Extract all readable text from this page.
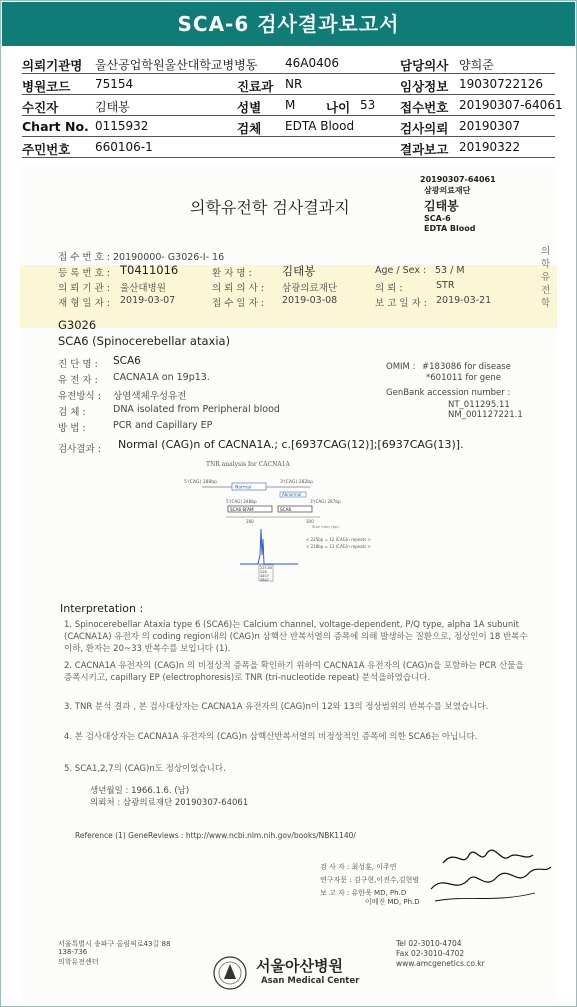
SCA-6 검사결과보고서
의뢰기관명 울산공업학원울산대학교병병동 46A0406	담당의사 양희준
병원코드 75154	진료과 NR	임상정보 19030722126
수진자	김태봉	성별 M 나이 53 접수번호 20190307-64061
Chart No. 0115932	검체 EDTA Blood	검사의뢰 20190307
주민번호 660106-1	결과보고 20190322
의학유전학 검사결과지
20190307-64061
삼광의료재단
김태봉
SCA-6
EDTA Blood
의 학 유 전 학
접 수 번 호 : 20190000- G3026-I- 16
등 록 번 호 : T0411016	환 자 명 :	김태봉	Age / Sex : 53 / M
의 뢰 기 관 : 울산대병원	의 뢰 의 사 : 삼광의료재단	의 뢰 :	STR
재 형 일 자 : 2019-03-07	접 수 일 자 : 2019-03-08	보 고 일 자 : 2019-03-21
G3026
SCA6 (Spinocerebellar ataxia)
진 단 명 : SCA6
유 전 자 : CACNA1A on 19p13.
유전방식 : 상염색체우성유전
검 체 :	DNA isolated from Peripheral blood
방 법 :	PCR and Capillary EP
OMIM : #183086 for disease
*601011 for gene
GenBank accession number :
NT_011295.11
NM_001127221.1
검사결과 : Normal (CAG)n of CACNA1A.; c.[6937CAG(12)];[6937CAG(13)].
TNR analysis for CACNA1A
5'(CAG) 188bp
Normal
3'(CAG) 282bp
Abnormal
5'(CAG) 248bp	3'(CAG) 287bp
SCA6 6FAM	SCA6
280	300
Size ruler (bp)
< 225bp = 12 (CAG)n repeats >
< 228bp = 13 (CAG)n repeats >
225.00
228
4407
3847
Interpretation :
1. Spinocerebellar Ataxia type 6 (SCA6)는 Calcium channel, voltage-dependent, P/Q type, alpha 1A subunit (CACNA1A) 유전자 의 coding region내의 (CAG)n 삼핵산 반복서열의 증폭에 의해 발생하는 질환으로, 정상인이 18 반복수 이하, 환자는 20~33 반복수를 보입니다 (1).
2. CACNA1A 유전자의 (CAG)n 의 비정상적 증폭을 확인하기 위하여 CACNA1A 유전자의 (CAG)n을 포함하는 PCR 산물을 증폭시키고, capillary EP (electrophoresis)로 TNR (tri-nucleotide repeat) 분석을하였습니다.
3. TNR 분석 결과 , 본 검사대상자는 CACNA1A 유전자의 (CAG)n이 12와 13의 정상범위의 반복수를 보였습니다.
4. 본 검사대상자는 CACNA1A 유전자의 (CAG)n 삼핵산반복서열의 비정상적인 증폭에 의한 SCA6는 아닙니다.
5. SCA1,2,7의 (CAG)n도 정상이었습니다.
생년월일 : 1966.1.6. (남)
의뢰처 : 삼광의료재단 20190307-64061
Reference (1) GeneReviews : http://www.ncbi.nlm.nih.gov/books/NBK1140/
검 사 자 : 최성훈, 이주연
연구자문 : 김구현,이진수,김현범
보 고 자 : 유한욱 MD, Ph.D
이베진 MD, Ph.D
서울특별시 송파구 올림픽로43길 88
138-736
의학유전센터
Tel 02-3010-4704
Fax 02-3010-4702
www.amcgenetics.co.kr
서울아산병원
Asan Medical Center
